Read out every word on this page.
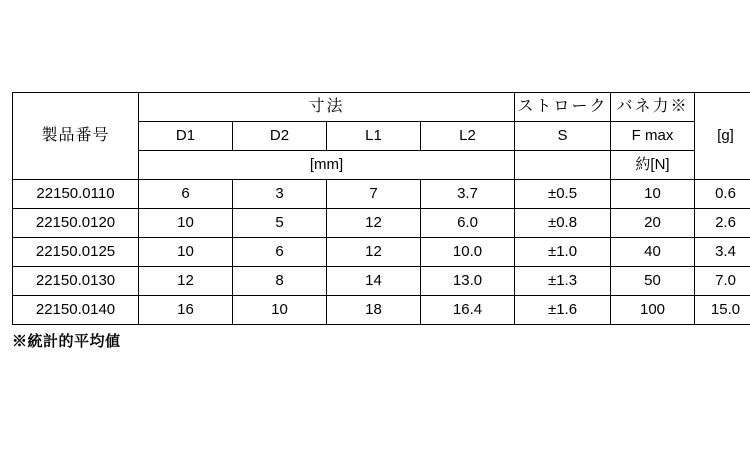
製品番号	寸法				ストローク	バネ力※	[g]
	D1	D2	L1	L2	S	F max	
	[mm]					約[N]	
22150.0110	6	3	7	3.7	±0.5	10	0.6
22150.0120	10	5	12	6.0	±0.8	20	2.6
22150.0125	10	6	12	10.0	±1.0	40	3.4
22150.0130	12	8	14	13.0	±1.3	50	7.0
22150.0140	16	10	18	16.4	±1.6	100	15.0
※統計的平均値
